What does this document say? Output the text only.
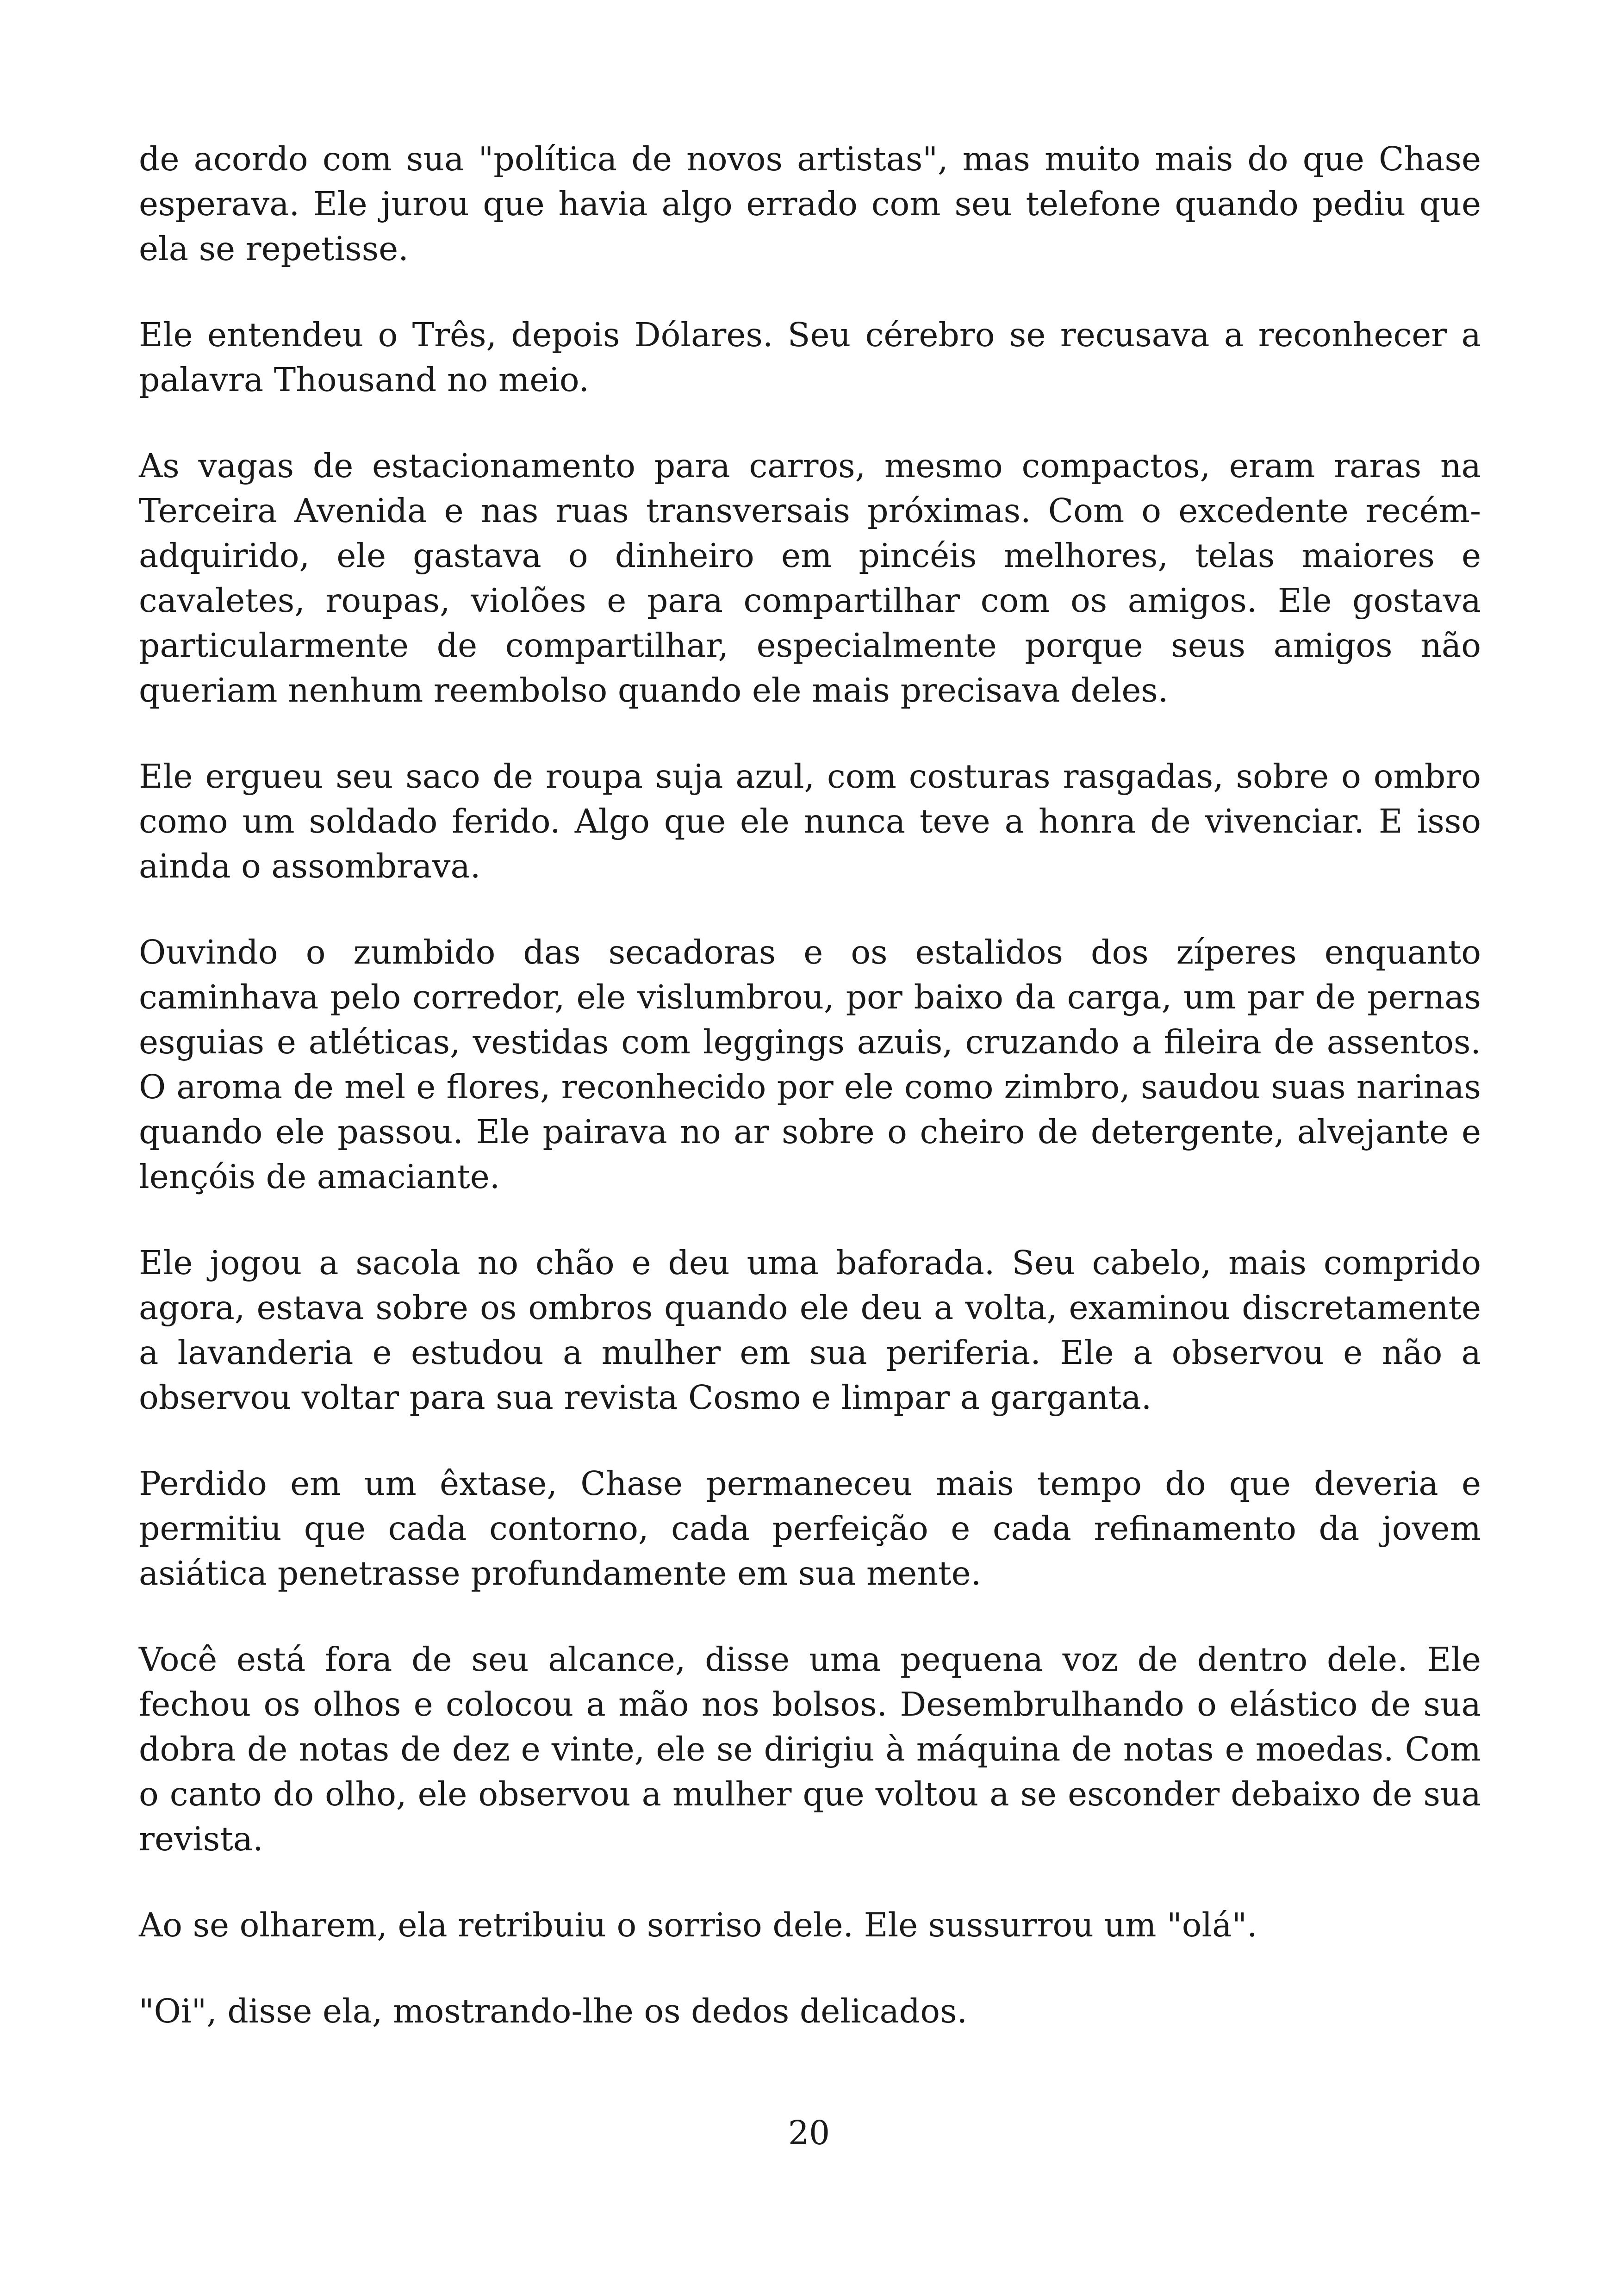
de acordo com sua "política de novos artistas", mas muito mais do que Chase esperava. Ele jurou que havia algo errado com seu telefone quando pediu que ela se repetisse.

Ele entendeu o Três, depois Dólares. Seu cérebro se recusava a reconhecer a palavra Thousand no meio.

As vagas de estacionamento para carros, mesmo compactos, eram raras na Terceira Avenida e nas ruas transversais próximas. Com o excedente recém-adquirido, ele gastava o dinheiro em pincéis melhores, telas maiores e cavaletes, roupas, violões e para compartilhar com os amigos. Ele gostava particularmente de compartilhar, especialmente porque seus amigos não queriam nenhum reembolso quando ele mais precisava deles.

Ele ergueu seu saco de roupa suja azul, com costuras rasgadas, sobre o ombro como um soldado ferido. Algo que ele nunca teve a honra de vivenciar. E isso ainda o assombrava.

Ouvindo o zumbido das secadoras e os estalidos dos zíperes enquanto caminhava pelo corredor, ele vislumbrou, por baixo da carga, um par de pernas esguias e atléticas, vestidas com leggings azuis, cruzando a fileira de assentos. O aroma de mel e flores, reconhecido por ele como zimbro, saudou suas narinas quando ele passou. Ele pairava no ar sobre o cheiro de detergente, alvejante e lençóis de amaciante.

Ele jogou a sacola no chão e deu uma baforada. Seu cabelo, mais comprido agora, estava sobre os ombros quando ele deu a volta, examinou discretamente a lavanderia e estudou a mulher em sua periferia. Ele a observou e não a observou voltar para sua revista Cosmo e limpar a garganta.

Perdido em um êxtase, Chase permaneceu mais tempo do que deveria e permitiu que cada contorno, cada perfeição e cada refinamento da jovem asiática penetrasse profundamente em sua mente.

Você está fora de seu alcance, disse uma pequena voz de dentro dele. Ele fechou os olhos e colocou a mão nos bolsos. Desembrulhando o elástico de sua dobra de notas de dez e vinte, ele se dirigiu à máquina de notas e moedas. Com o canto do olho, ele observou a mulher que voltou a se esconder debaixo de sua revista.

Ao se olharem, ela retribuiu o sorriso dele. Ele sussurrou um "olá".

"Oi", disse ela, mostrando-lhe os dedos delicados.

20
